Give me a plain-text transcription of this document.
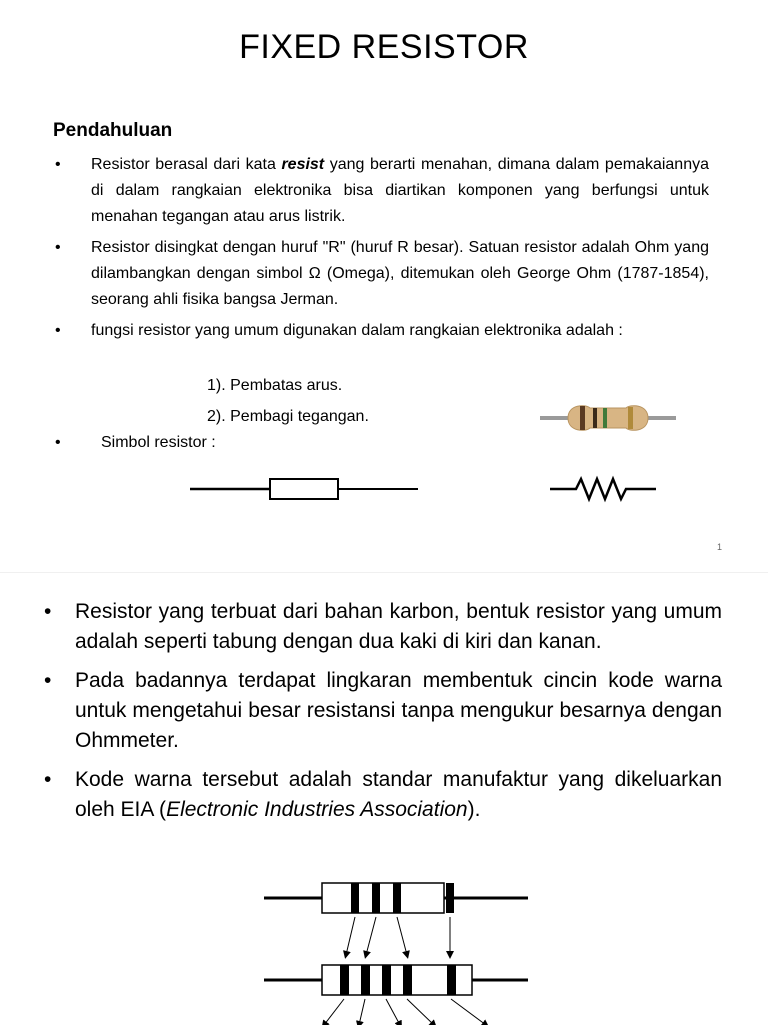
FIXED RESISTOR
Pendahuluan
• Resistor berasal dari kata resist yang berarti menahan, dimana dalam pemakaiannya di dalam rangkaian elektronika bisa diartikan komponen yang berfungsi untuk menahan tegangan atau arus listrik.
• Resistor disingkat dengan huruf "R" (huruf R besar). Satuan resistor adalah Ohm yang dilambangkan dengan simbol Ω (Omega), ditemukan oleh George Ohm (1787-1854), seorang ahli fisika bangsa Jerman.
• fungsi resistor yang umum digunakan dalam rangkaian elektronika adalah :
1). Pembatas arus.
2). Pembagi tegangan.
•	Simbol resistor :
1
• Resistor yang terbuat dari bahan karbon, bentuk resistor yang umum adalah seperti tabung dengan dua kaki di kiri dan kanan.
• Pada badannya terdapat lingkaran membentuk cincin kode warna untuk mengetahui besar resistansi tanpa mengukur besarnya dengan Ohmmeter.
• Kode warna tersebut adalah standar manufaktur yang dikeluarkan oleh EIA (Electronic Industries Association).
